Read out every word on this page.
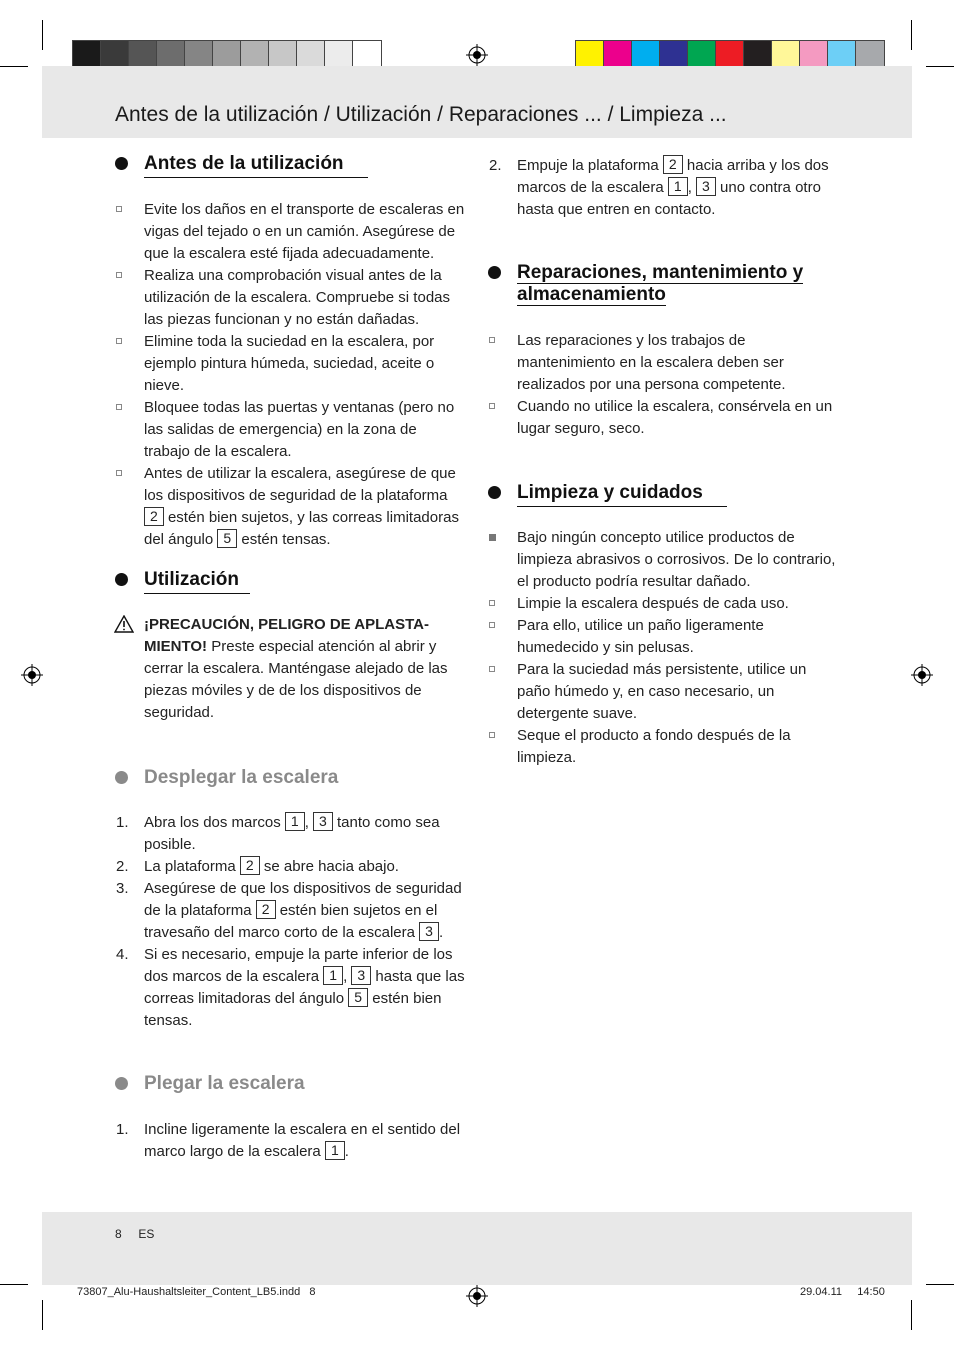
Antes de la utilización / Utilización / Reparaciones ... / Limpieza ...
Antes de la utilización
Evite los daños en el transporte de escaleras en vigas del tejado o en un camión. Asegúrese de que la escalera esté fijada adecuadamente.
Realiza una comprobación visual antes de la utilización de la escalera. Compruebe si todas las piezas funcionan y no están dañadas.
Elimine toda la suciedad en la escalera, por ejemplo pintura húmeda, suciedad, aceite o nieve.
Bloquee todas las puertas y ventanas (pero no las salidas de emergencia) en la zona de trabajo de la escalera.
Antes de utilizar la escalera, asegúrese de que los dispositivos de seguridad de la plataforma 2 estén bien sujetos, y las correas limitadoras del ángulo 5 estén tensas.
Utilización
¡PRECAUCIÓN, PELIGRO DE APLASTA-MIENTO! Preste especial atención al abrir y cerrar la escalera. Manténgase alejado de las piezas móviles y de de los dispositivos de seguridad.
Desplegar la escalera
1. Abra los dos marcos 1 , 3 tanto como sea posible.
2. La plataforma 2 se abre hacia abajo.
3. Asegúrese de que los dispositivos de seguridad de la plataforma 2 estén bien sujetos en el travesaño del marco corto de la escalera 3 .
4. Si es necesario, empuje la parte inferior de los dos marcos de la escalera 1 , 3 hasta que las correas limitadoras del ángulo 5 estén bien tensas.
Plegar la escalera
1. Incline ligeramente la escalera en el sentido del marco largo de la escalera 1 .
2. Empuje la plataforma 2 hacia arriba y los dos marcos de la escalera 1 , 3 uno contra otro hasta que entren en contacto.
Reparaciones, mantenimiento y almacenamiento
Las reparaciones y los trabajos de mantenimiento en la escalera deben ser realizados por una persona competente.
Cuando no utilice la escalera, consérvela en un lugar seguro, seco.
Limpieza y cuidados
Bajo ningún concepto utilice productos de limpieza abrasivos o corrosivos. De lo contrario, el producto podría resultar dañado.
Limpie la escalera después de cada uso.
Para ello, utilice un paño ligeramente humedecido y sin pelusas.
Para la suciedad más persistente, utilice un paño húmedo y, en caso necesario, un detergente suave.
Seque el producto a fondo después de la limpieza.
8 ES
73807_Alu-Haushaltsleiter_Content_LB5.indd 8	29.04.11 14:50
